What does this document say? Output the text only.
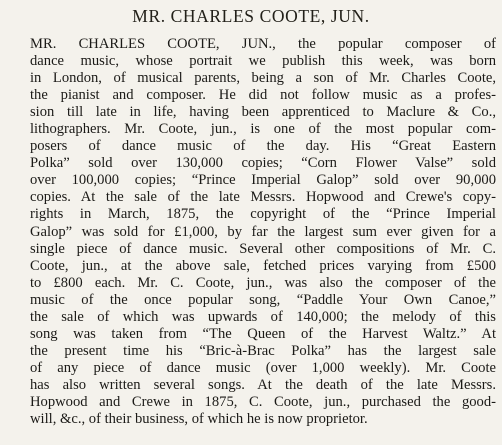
MR. CHARLES COOTE, JUN.
MR. CHARLES COOTE, JUN., the popular composer of
dance music, whose portrait we publish this week, was born
in London, of musical parents, being a son of Mr. Charles Coote,
the pianist and composer. He did not follow music as a profes-
sion till late in life, having been apprenticed to Maclure & Co.,
lithographers. Mr. Coote, jun., is one of the most popular com-
posers of dance music of the day. His “Great Eastern
Polka” sold over 130,000 copies; “Corn Flower Valse” sold
over 100,000 copies; “Prince Imperial Galop” sold over 90,000
copies. At the sale of the late Messrs. Hopwood and Crewe's copy-
rights in March, 1875, the copyright of the “Prince Imperial
Galop” was sold for £1,000, by far the largest sum ever given for a
single piece of dance music. Several other compositions of Mr. C.
Coote, jun., at the above sale, fetched prices varying from £500
to £800 each. Mr. C. Coote, jun., was also the composer of the
music of the once popular song, “Paddle Your Own Canoe,”
the sale of which was upwards of 140,000; the melody of this
song was taken from “The Queen of the Harvest Waltz.” At
the present time his “Bric-à-Brac Polka” has the largest sale
of any piece of dance music (over 1,000 weekly). Mr. Coote
has also written several songs. At the death of the late Messrs.
Hopwood and Crewe in 1875, C. Coote, jun., purchased the good-
will, &c., of their business, of which he is now proprietor.
